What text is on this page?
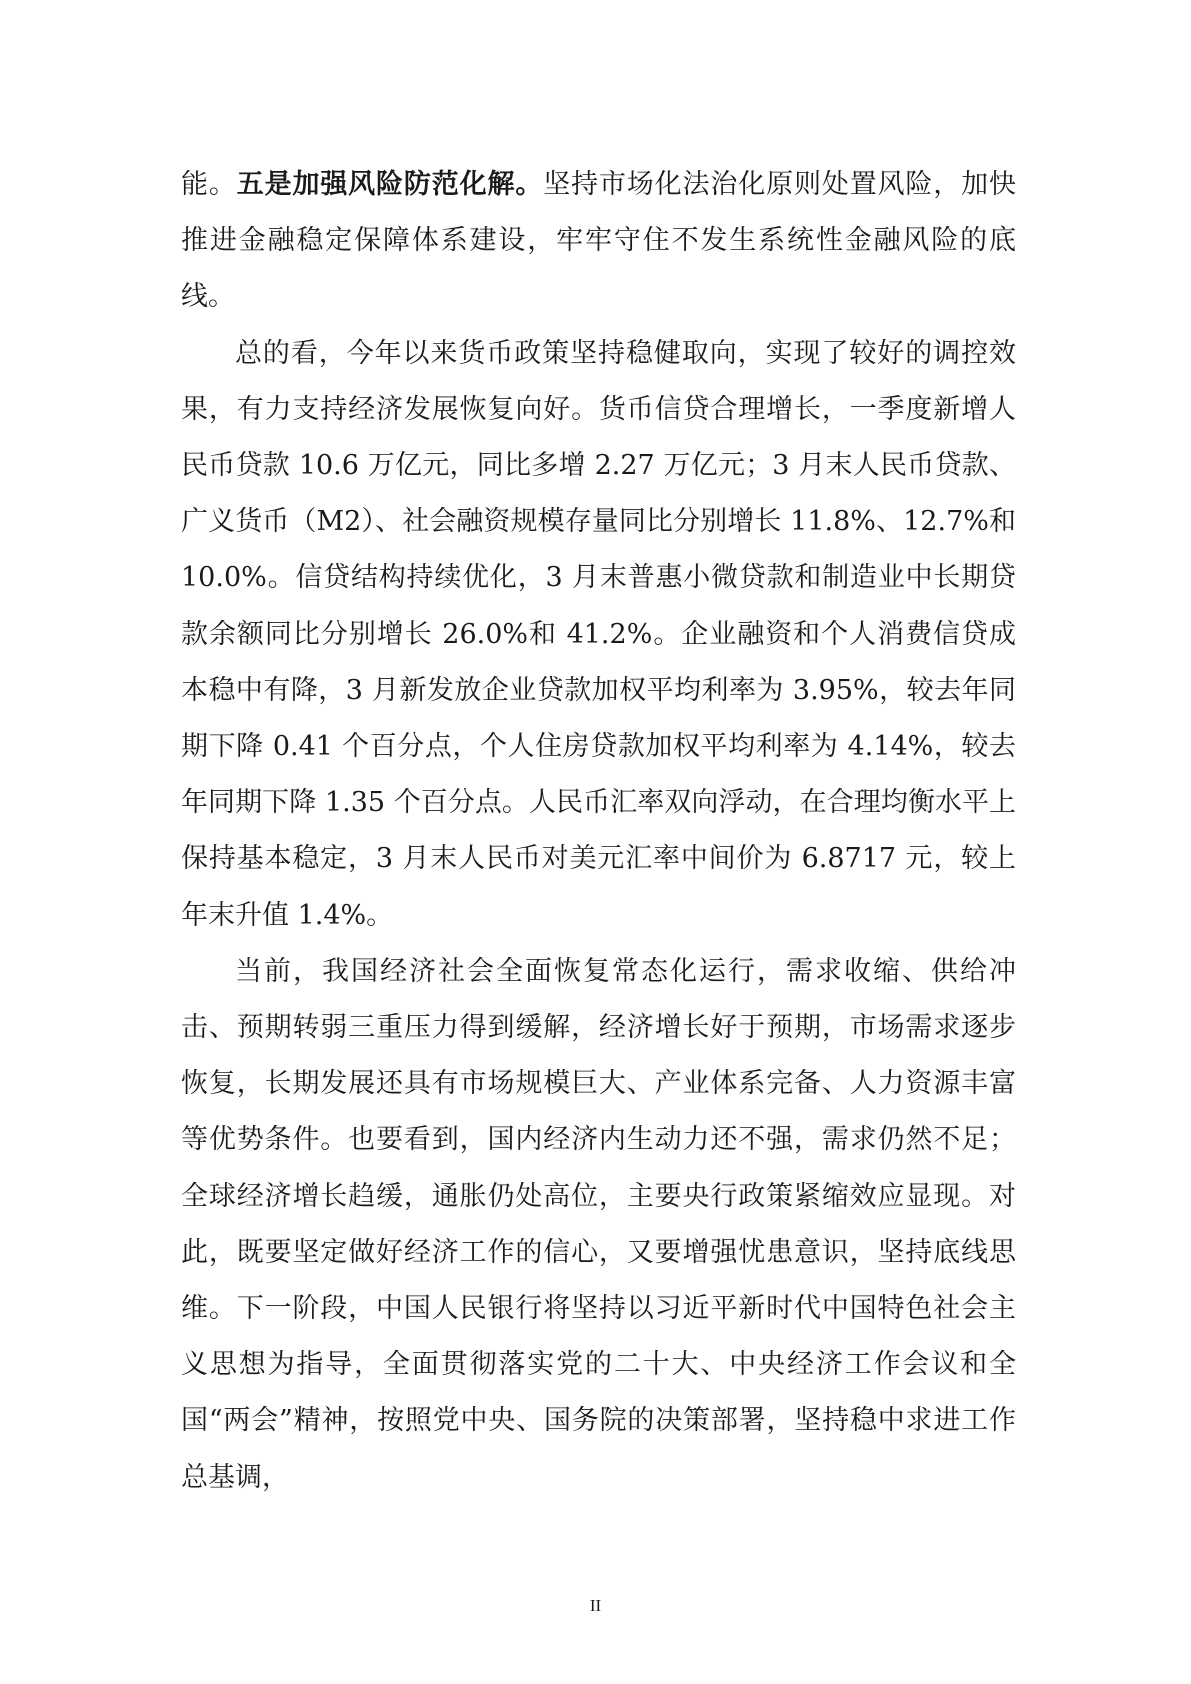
能。五是加强风险防范化解。坚持市场化法治化原则处置风险，加快推进金融稳定保障体系建设，牢牢守住不发生系统性金融风险的底线。

总的看，今年以来货币政策坚持稳健取向，实现了较好的调控效果，有力支持经济发展恢复向好。货币信贷合理增长，一季度新增人民币贷款 10.6 万亿元，同比多增 2.27 万亿元；3 月末人民币贷款、广义货币（M2）、社会融资规模存量同比分别增长 11.8%、12.7%和 10.0%。信贷结构持续优化，3 月末普惠小微贷款和制造业中长期贷款余额同比分别增长 26.0%和 41.2%。企业融资和个人消费信贷成本稳中有降，3 月新发放企业贷款加权平均利率为 3.95%，较去年同期下降 0.41 个百分点，个人住房贷款加权平均利率为 4.14%，较去年同期下降 1.35 个百分点。人民币汇率双向浮动，在合理均衡水平上保持基本稳定，3 月末人民币对美元汇率中间价为 6.8717 元，较上年末升值 1.4%。

当前，我国经济社会全面恢复常态化运行，需求收缩、供给冲击、预期转弱三重压力得到缓解，经济增长好于预期，市场需求逐步恢复，长期发展还具有市场规模巨大、产业体系完备、人力资源丰富等优势条件。也要看到，国内经济内生动力还不强，需求仍然不足；全球经济增长趋缓，通胀仍处高位，主要央行政策紧缩效应显现。对此，既要坚定做好经济工作的信心，又要增强忧患意识，坚持底线思维。下一阶段，中国人民银行将坚持以习近平新时代中国特色社会主义思想为指导，全面贯彻落实党的二十大、中央经济工作会议和全国“两会”精神，按照党中央、国务院的决策部署，坚持稳中求进工作总基调，

II
